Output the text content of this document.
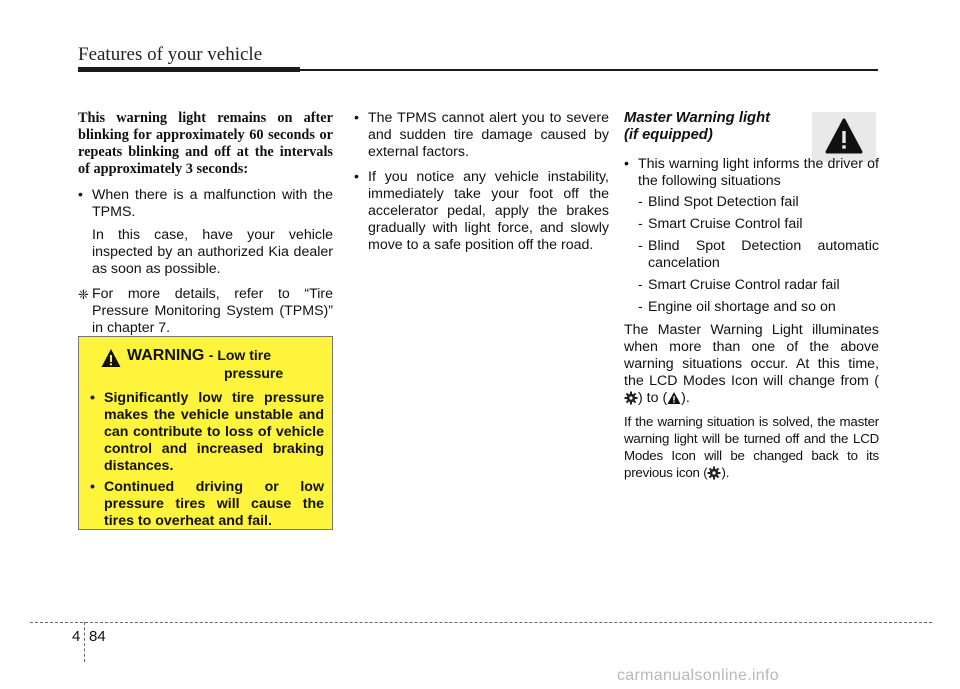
Features of your vehicle

This warning light remains on after blinking for approximately 60 seconds or repeats blinking and off at the intervals of approximately 3 seconds:

• When there is a malfunction with the TPMS.

In this case, have your vehicle inspected by an authorized Kia dealer as soon as possible.

❈ For more details, refer to “Tire Pressure Monitoring System (TPMS)” in chapter 7.
WARNING - Low tire
pressure
• Significantly low tire pressure makes the vehicle unstable and can contribute to loss of vehicle control and increased braking distances.
• Continued driving or low pressure tires will cause the tires to overheat and fail.
• The TPMS cannot alert you to severe and sudden tire damage caused by external factors.
• If you notice any vehicle instability, immediately take your foot off the accelerator pedal, apply the brakes gradually with light force, and slowly move to a safe position off the road.
Master Warning light
(if equipped)
• This warning light informs the driver of the following situations
- Blind Spot Detection fail
- Smart Cruise Control fail
- Blind Spot Detection automatic cancelation
- Smart Cruise Control radar fail
- Engine oil shortage and so on

The Master Warning Light illuminates when more than one of the above warning situations occur. At this time, the LCD Modes Icon will change from () to ( ).

If the warning situation is solved, the master warning light will be turned off and the LCD Modes Icon will be changed back to its previous icon ( ).

4 84
carmanualsonline.info
